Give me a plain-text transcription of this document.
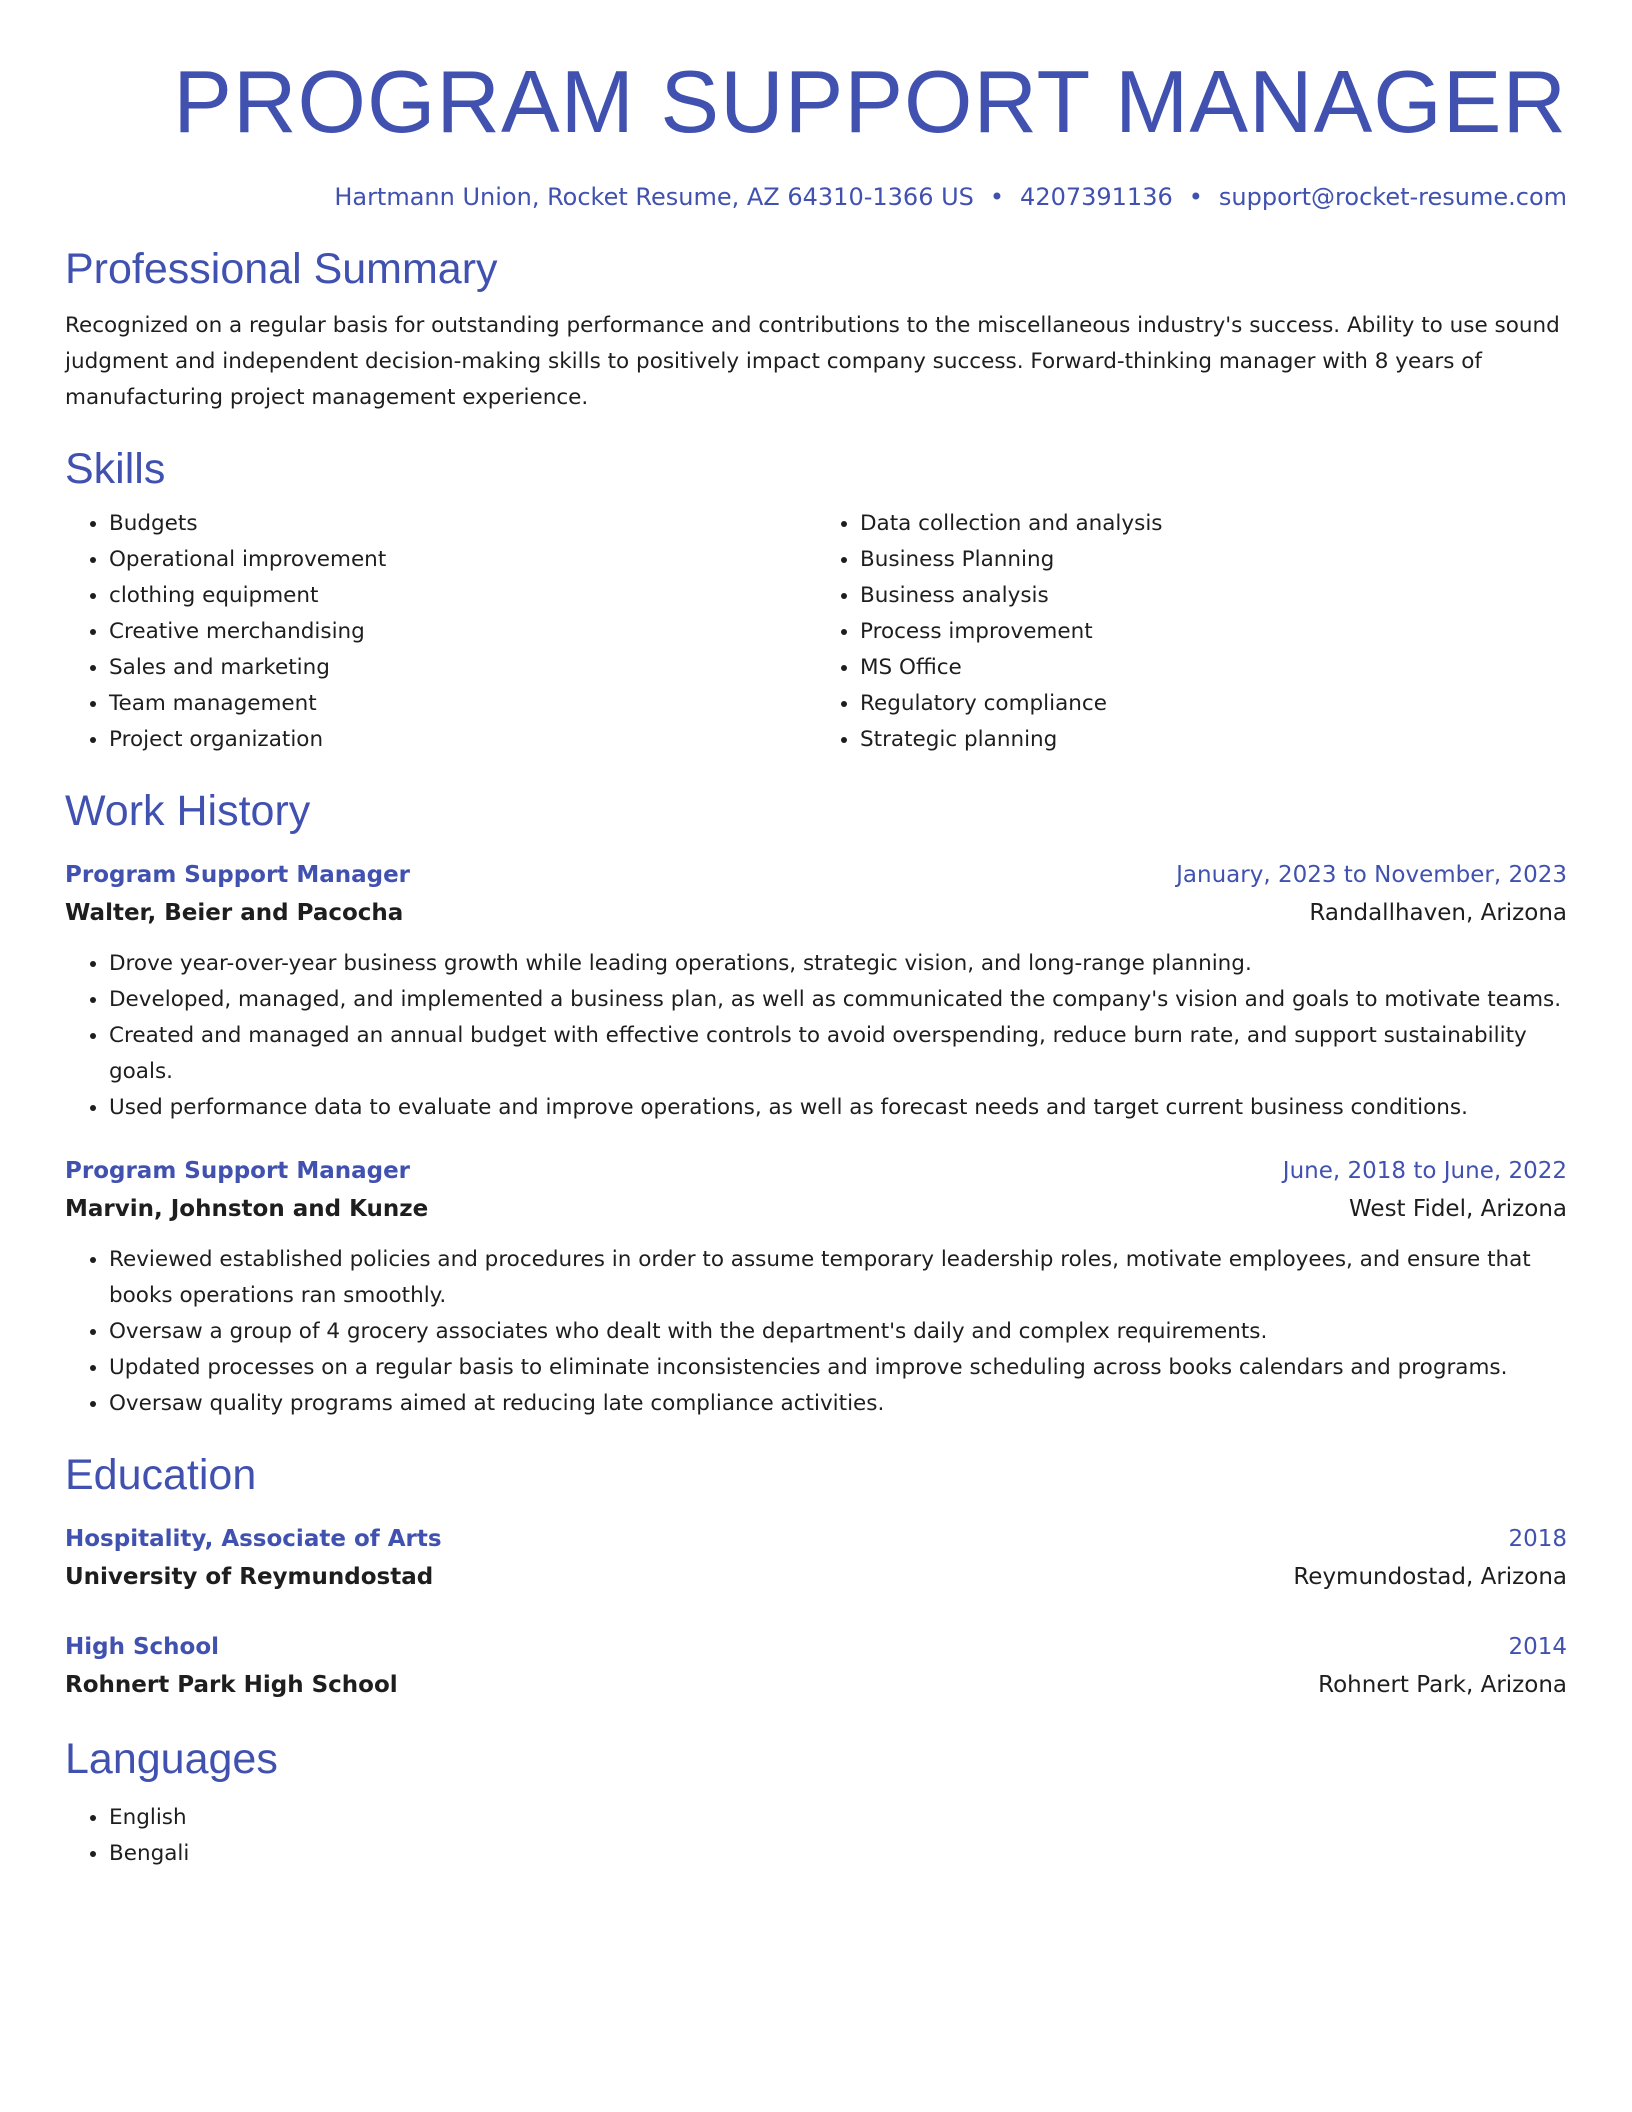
PROGRAM SUPPORT MANAGER
Hartmann Union, Rocket Resume, AZ 64310-1366 US • 4207391136 • support@rocket-resume.com
Professional Summary
Recognized on a regular basis for outstanding performance and contributions to the miscellaneous industry's success. Ability to use sound judgment and independent decision-making skills to positively impact company success. Forward-thinking manager with 8 years of manufacturing project management experience.
Skills
• Budgets
• Operational improvement
• clothing equipment
• Creative merchandising
• Sales and marketing
• Team management
• Project organization
• Data collection and analysis
• Business Planning
• Business analysis
• Process improvement
• MS Office
• Regulatory compliance
• Strategic planning
Work History
Program Support Manager	January, 2023 to November, 2023
Walter, Beier and Pacocha	Randallhaven, Arizona
• Drove year-over-year business growth while leading operations, strategic vision, and long-range planning.
• Developed, managed, and implemented a business plan, as well as communicated the company's vision and goals to motivate teams.
• Created and managed an annual budget with effective controls to avoid overspending, reduce burn rate, and support sustainability goals.
• Used performance data to evaluate and improve operations, as well as forecast needs and target current business conditions.
Program Support Manager	June, 2018 to June, 2022
Marvin, Johnston and Kunze	West Fidel, Arizona
• Reviewed established policies and procedures in order to assume temporary leadership roles, motivate employees, and ensure that books operations ran smoothly.
• Oversaw a group of 4 grocery associates who dealt with the department's daily and complex requirements.
• Updated processes on a regular basis to eliminate inconsistencies and improve scheduling across books calendars and programs.
• Oversaw quality programs aimed at reducing late compliance activities.
Education
Hospitality, Associate of Arts	2018
University of Reymundostad	Reymundostad, Arizona
High School	2014
Rohnert Park High School	Rohnert Park, Arizona
Languages
• English
• Bengali
